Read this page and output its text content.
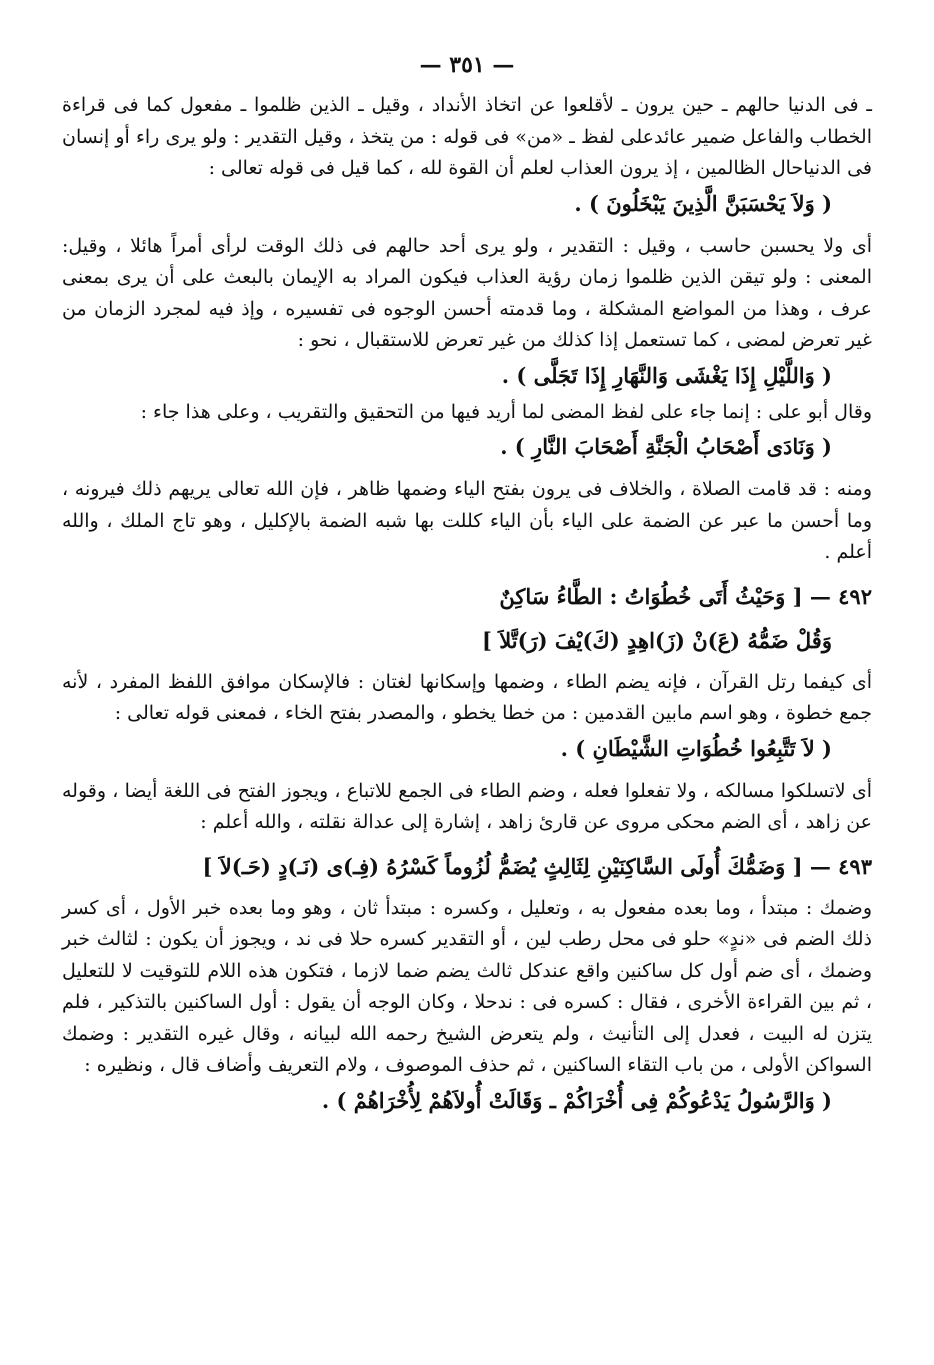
— ٣٥١ —

ـ فى الدنيا حالهم ـ حين يرون ـ لأقلعوا عن اتخاذ الأنداد ، وقيل ـ الذين ظلموا ـ مفعول كما فى قراءة الخطاب والفاعل ضمير عائدعلى لفظ ـ «من» فى قوله : من يتخذ ، وقيل التقدير : ولو يرى راء أو إنسان فى الدنياحال الظالمين ، إذ يرون العذاب لعلم أن القوة لله ، كما قيل فى قوله تعالى :

( وَلاَ يَحْسَبَنَّ الَّذِينَ يَبْخَلُونَ ) .

أى ولا يحسبن حاسب ، وقيل : التقدير ، ولو يرى أحد حالهم فى ذلك الوقت لرأى أمراً هائلا ، وقيل: المعنى : ولو تيقن الذين ظلموا زمان رؤية العذاب فيكون المراد به الإيمان بالبعث على أن يرى بمعنى عرف ، وهذا من المواضع المشكلة ، وما قدمته أحسن الوجوه فى تفسيره ، وإذ فيه لمجرد الزمان من غير تعرض لمضى ، كما تستعمل إذا كذلك من غير تعرض للاستقبال ، نحو :

( وَاللَّيْلِ إِذَا يَغْشَى وَالنَّهَارِ إِذَا تَجَلَّى ) .

وقال أبو على : إنما جاء على لفظ المضى لما أريد فيها من التحقيق والتقريب ، وعلى هذا جاء :

( وَنَادَى أَصْحَابُ الْجَنَّةِ أَصْحَابَ النَّارِ ) .

ومنه : قد قامت الصلاة ، والخلاف فى يرون بفتح الياء وضمها ظاهر ، فإن الله تعالى يريهم ذلك فيرونه ، وما أحسن ما عبر عن الضمة على الياء بأن الياء كللت بها شبه الضمة بالإكليل ، وهو تاج الملك ، والله أعلم .

٤٩٢ — [ وَحَيْثُ أَتَى خُطُوَاتُ : الطَّاءُ سَاكِنٌ
وَقُلْ ضَمُّهُ (عَ)نْ (زَ)اهِدٍ (كَ)يْفَ (رَ)تَّلاَ ]

أى كيفما رتل القرآن ، فإنه يضم الطاء ، وضمها وإسكانها لغتان : فالإسكان موافق اللفظ المفرد ، لأنه جمع خطوة ، وهو اسم مابين القدمين : من خطا يخطو ، والمصدر بفتح الخاء ، فمعنى قوله تعالى :

( لاَ تَتَّبِعُوا خُطُوَاتِ الشَّيْطَانِ ) .

أى لاتسلكوا مسالكه ، ولا تفعلوا فعله ، وضم الطاء فى الجمع للاتباع ، ويجوز الفتح فى اللغة أيضا ، وقوله عن زاهد ، أى الضم محكى مروى عن قارئ زاهد ، إشارة إلى عدالة نقلته ، والله أعلم :

٤٩٣ — [ وَضَمُّكَ أُولَى السَّاكِنَيْنِ لِثَالِثٍ يُضَمُّ لُزُوماً كَسْرُهُ (فِـ)ى (نَـ)دٍ (حَـ)لاَ ]

وضمك : مبتدأ ، وما بعده مفعول به ، وتعليل ، وكسره : مبتدأ ثان ، وهو وما بعده خبر الأول ، أى كسر ذلك الضم فى «ندٍ» حلو فى محل رطب لين ، أو التقدير كسره حلا فى ند ، ويجوز أن يكون : لثالث خبر وضمك ، أى ضم أول كل ساكنين واقع عندكل ثالث يضم ضما لازما ، فتكون هذه اللام للتوقيت لا للتعليل ، ثم بين القراءة الأخرى ، فقال : كسره فى : ندحلا ، وكان الوجه أن يقول : أول الساكنين بالتذكير ، فلم يتزن له البيت ، فعدل إلى التأنيث ، ولم يتعرض الشيخ رحمه الله لبيانه ، وقال غيره التقدير : وضمك السواكن الأولى ، من باب التقاء الساكنين ، ثم حذف الموصوف ، ولام التعريف وأضاف قال ، ونظيره :

( وَالرَّسُولُ يَدْعُوكُمْ فِى أُخْرَاكُمْ ـ وَقَالَتْ أُولاَهُمْ لِأُخْرَاهُمْ ) .
